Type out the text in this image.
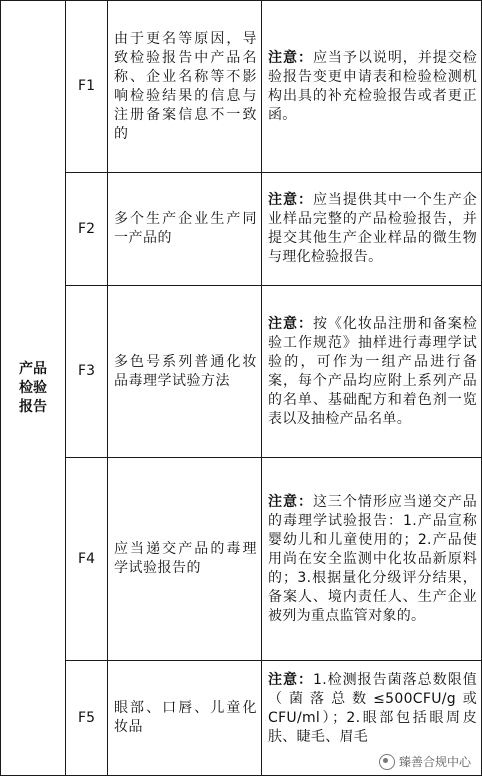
产品检验报告	F1	由于更名等原因，导致检验报告中产品名称、企业名称等不影响检验结果的信息与注册备案信息不一致的	注意：应当予以说明，并提交检验报告变更申请表和检验检测机构出具的补充检验报告或者更正函。
	F2	多个生产企业生产同一产品的	注意：应当提供其中一个生产企业样品完整的产品检验报告，并提交其他生产企业样品的微生物与理化检验报告。
	F3	多色号系列普通化妆品毒理学试验方法	注意：按《化妆品注册和备案检验工作规范》抽样进行毒理学试验的，可作为一组产品进行备案，每个产品均应附上系列产品的名单、基础配方和着色剂一览表以及抽检产品名单。
	F4	应当递交产品的毒理学试验报告的	注意：这三个情形应当递交产品的毒理学试验报告：1.产品宣称婴幼儿和儿童使用的；2.产品使用尚在安全监测中化妆品新原料的；3.根据量化分级评分结果，备案人、境内责任人、生产企业被列为重点监管对象的。
	F5	眼部、口唇、儿童化妆品	注意：1.检测报告菌落总数限值（菌落总数≤500CFU/g或 CFU/ml）；2.眼部包括眼周皮肤、睫毛、眉毛
臻善合规中心
